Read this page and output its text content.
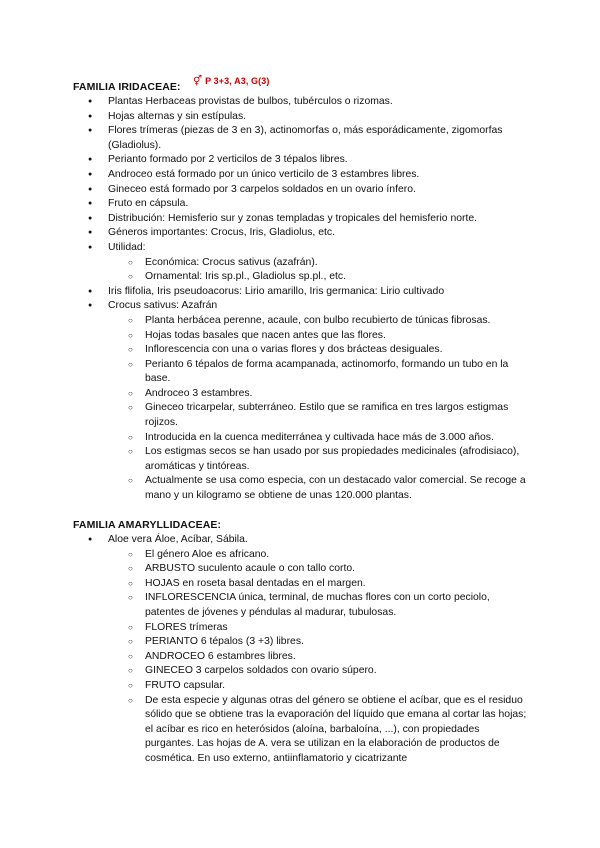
FAMILIA IRIDACEAE: ⚥ P 3+3, A3, G(3)
● Plantas Herbaceas provistas de bulbos, tubérculos o rizomas.
● Hojas alternas y sin estípulas.
● Flores trímeras (piezas de 3 en 3), actinomorfas o, más esporádicamente, zigomorfas (Gladiolus).
● Perianto formado por 2 verticilos de 3 tépalos libres.
● Androceo está formado por un único verticilo de 3 estambres libres.
● Gineceo está formado por 3 carpelos soldados en un ovario ínfero.
● Fruto en cápsula.
● Distribución: Hemisferio sur y zonas templadas y tropicales del hemisferio norte.
● Géneros importantes: Crocus, Iris, Gladiolus, etc.
● Utilidad:
○ Económica: Crocus sativus (azafrán).
○ Ornamental: Iris sp.pl., Gladiolus sp.pl., etc.
● Iris flifolia, Iris pseudoacorus: Lirio amarillo, Iris germanica: Lirio cultivado
● Crocus sativus: Azafrán
○ Planta herbácea perenne, acaule, con bulbo recubierto de túnicas fibrosas.
○ Hojas todas basales que nacen antes que las flores.
○ Inflorescencia con una o varias flores y dos brácteas desiguales.
○ Perianto 6 tépalos de forma acampanada, actinomorfo, formando un tubo en la base.
○ Androceo 3 estambres.
○ Gineceo tricarpelar, subterráneo. Estilo que se ramifica en tres largos estigmas rojizos.
○ Introducida en la cuenca mediterránea y cultivada hace más de 3.000 años.
○ Los estigmas secos se han usado por sus propiedades medicinales (afrodisiaco), aromáticas y tintóreas.
○ Actualmente se usa como especia, con un destacado valor comercial. Se recoge a mano y un kilogramo se obtiene de unas 120.000 plantas.
FAMILIA AMARYLLIDACEAE:
● Aloe vera Áloe, Acíbar, Sábila.
○ El género Aloe es africano.
○ ARBUSTO suculento acaule o con tallo corto.
○ HOJAS en roseta basal dentadas en el margen.
○ INFLORESCENCIA única, terminal, de muchas flores con un corto peciolo, patentes de jóvenes y péndulas al madurar, tubulosas.
○ FLORES trímeras
○ PERIANTO 6 tépalos (3 +3) libres.
○ ANDROCEO 6 estambres libres.
○ GINECEO 3 carpelos soldados con ovario súpero.
○ FRUTO capsular.
○ De esta especie y algunas otras del género se obtiene el acíbar, que es el residuo sólido que se obtiene tras la evaporación del líquido que emana al cortar las hojas; el acíbar es rico en heterósidos (aloína, barbaloína, ...), con propiedades purgantes. Las hojas de A. vera se utilizan en la elaboración de productos de cosmética. En uso externo, antiinflamatorio y cicatrizante
